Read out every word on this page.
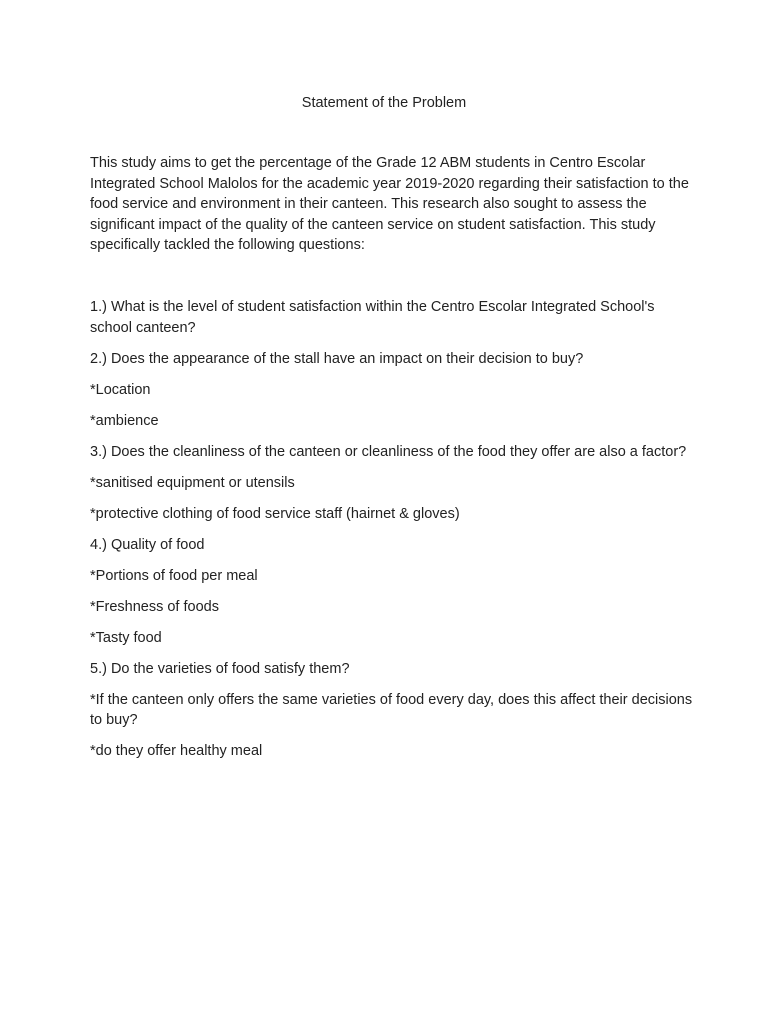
Statement of the Problem

This study aims to get the percentage of the Grade 12 ABM students in Centro Escolar Integrated School Malolos for the academic year 2019-2020 regarding their satisfaction to the food service and environment in their canteen. This research also sought to assess the significant impact of the quality of the canteen service on student satisfaction. This study specifically tackled the following questions:

1.) What is the level of student satisfaction within the Centro Escolar Integrated School's school canteen?
2.) Does the appearance of the stall have an impact on their decision to buy?
*Location
*ambience
3.) Does the cleanliness of the canteen or cleanliness of the food they offer are also a factor?
*sanitised equipment or utensils
*protective clothing of food service staff (hairnet & gloves)
4.) Quality of food
*Portions of food per meal
*Freshness of foods
*Tasty food
5.) Do the varieties of food satisfy them?
*If the canteen only offers the same varieties of food every day, does this affect their decisions to buy?
*do they offer healthy meal
